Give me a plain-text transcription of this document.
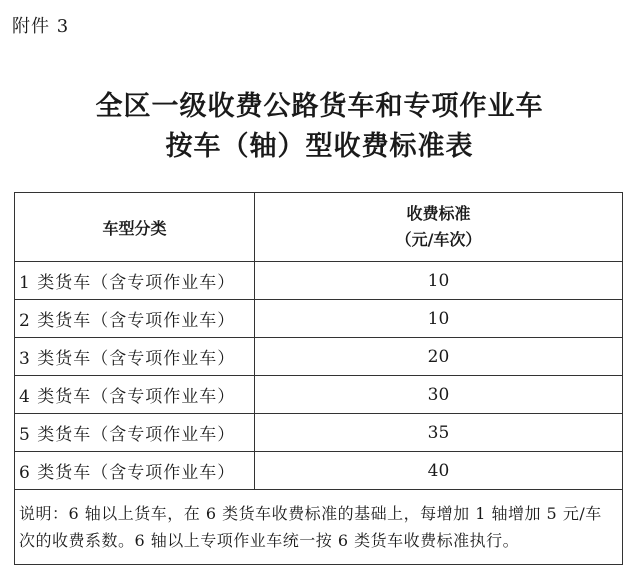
附件 3
全区一级收费公路货车和专项作业车
按车（轴）型收费标准表
车型分类	收费标准
（元/车次）

1 类货车（含专项作业车）	10
2 类货车（含专项作业车）	10
3 类货车（含专项作业车）	20
4 类货车（含专项作业车）	30
5 类货车（含专项作业车）	35
6 类货车（含专项作业车）	40
说明：6 轴以上货车，在 6 类货车收费标准的基础上，每增加 1 轴增加 5 元/车次的收费系数。6 轴以上专项作业车统一按 6 类货车收费标准执行。	
